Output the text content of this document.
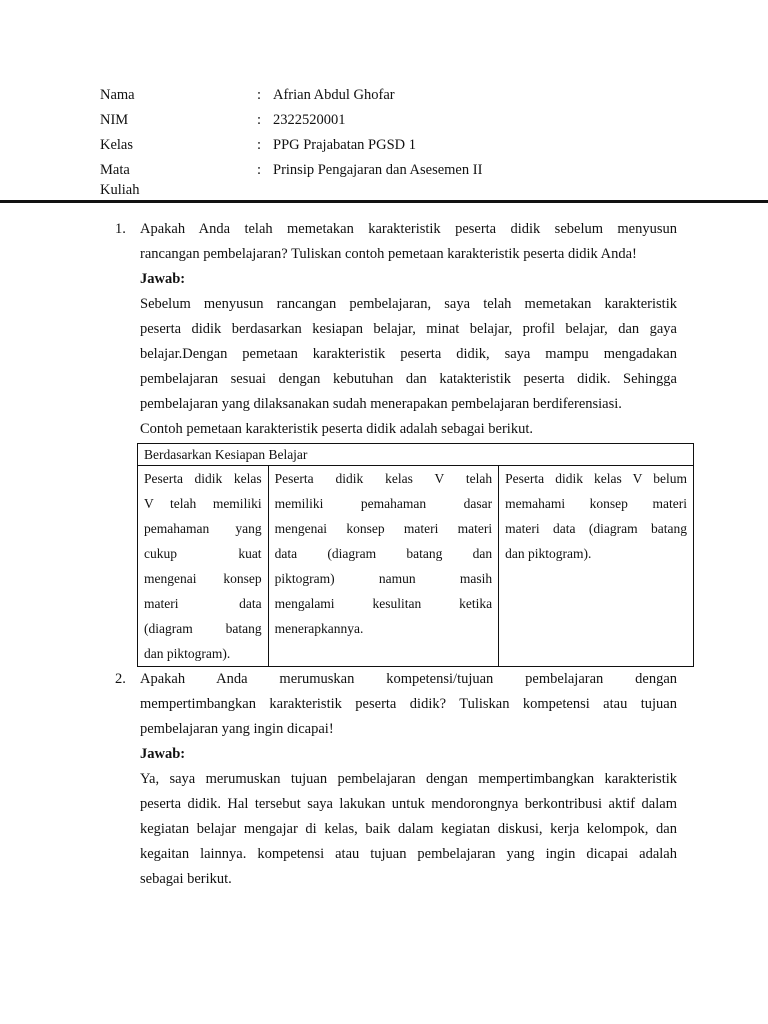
Nama	: Afrian Abdul Ghofar
NIM	: 2322520001
Kelas	: PPG Prajabatan PGSD 1
Mata Kuliah
: Prinsip Pengajaran dan Asesemen II
1. Apakah Anda telah memetakan karakteristik peserta didik sebelum menyusun

rancangan pembelajaran? Tuliskan contoh pemetaan karakteristik peserta didik Anda!

Jawab:

Sebelum menyusun rancangan pembelajaran, saya telah memetakan karakteristik

peserta didik berdasarkan kesiapan belajar, minat belajar, profil belajar, dan gaya

belajar.Dengan pemetaan karakteristik peserta didik, saya mampu mengadakan

pembelajaran sesuai dengan kebutuhan dan katakteristik peserta didik. Sehingga

pembelajaran yang dilaksanakan sudah menerapakan pembelajaran berdiferensiasi.

Contoh pemetaan karakteristik peserta didik adalah sebagai berikut.

Berdasarkan Kesiapan Belajar

Peserta didik kelas
V telah memiliki
pemahaman yang
cukup kuat
mengenai konsep
materi data
(diagram batang
dan piktogram).

Peserta didik kelas V telah
memiliki pemahaman dasar
mengenai konsep materi materi
data (diagram batang dan
piktogram) namun masih
mengalami kesulitan ketika
menerapkannya.

Peserta didik kelas V belum
memahami konsep materi
materi data (diagram batang
dan piktogram).
2. Apakah Anda merumuskan kompetensi/tujuan pembelajaran dengan

mempertimbangkan karakteristik peserta didik? Tuliskan kompetensi atau tujuan

pembelajaran yang ingin dicapai!

Jawab:

Ya, saya merumuskan tujuan pembelajaran dengan mempertimbangkan karakteristik

peserta didik. Hal tersebut saya lakukan untuk mendorongnya berkontribusi aktif dalam

kegiatan belajar mengajar di kelas, baik dalam kegiatan diskusi, kerja kelompok, dan

kegaitan lainnya. kompetensi atau tujuan pembelajaran yang ingin dicapai adalah

sebagai berikut.
